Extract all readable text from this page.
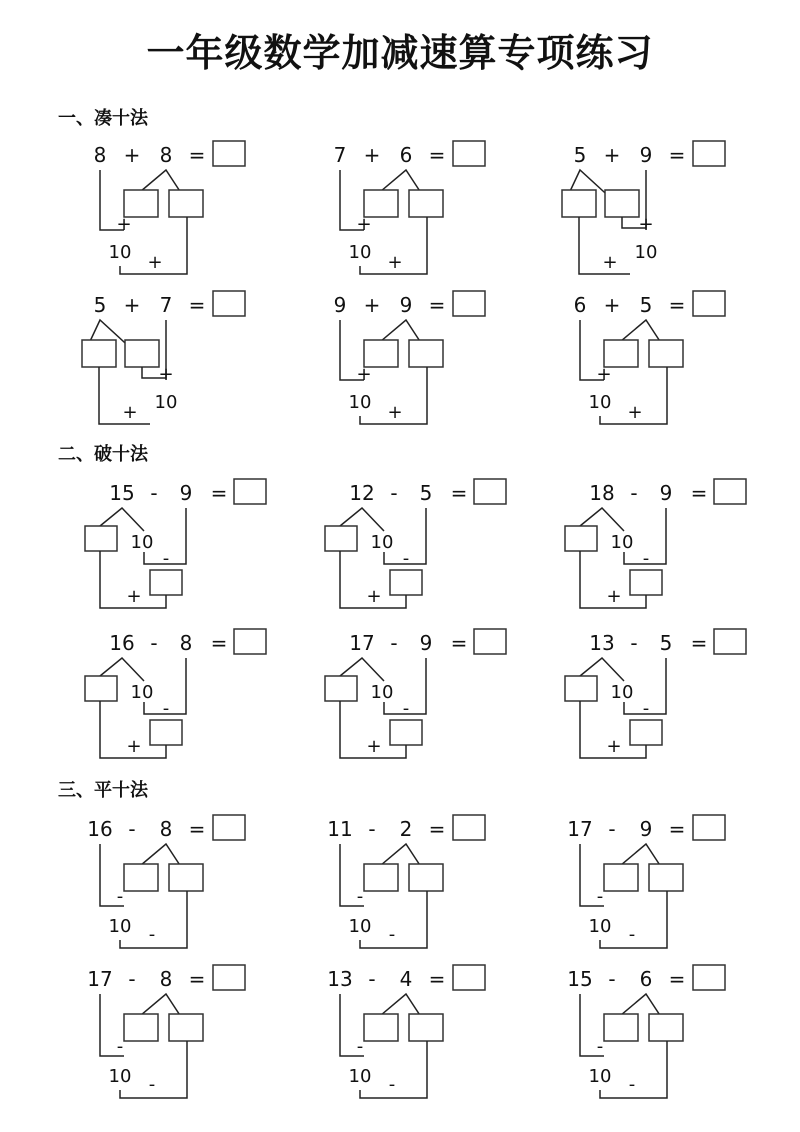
一年级数学加减速算专项练习
一、凑十法
二、破十法
三、平十法
8 + 8 =
+
10 +
7 + 6 =
+
10 +
5 + 9 =
+
+ 10
5 + 7 =
+
+ 10
9 + 9 =
+
10 +
6 + 5 =
+
10 +
15 - 9 =
10
-
+
12 - 5 =
10
-
+
18 - 9 =
10
-
+
16 - 8 =
10
-
+
17 - 9 =
10
-
+
13 - 5 =
10
-
+
16 - 8 =
-
10 -
11 - 2 =
-
10 -
17 - 9 =
-
10 -
17 - 8 =
-
10 -
13 - 4 =
-
10 -
15 - 6 =
-
10 -
